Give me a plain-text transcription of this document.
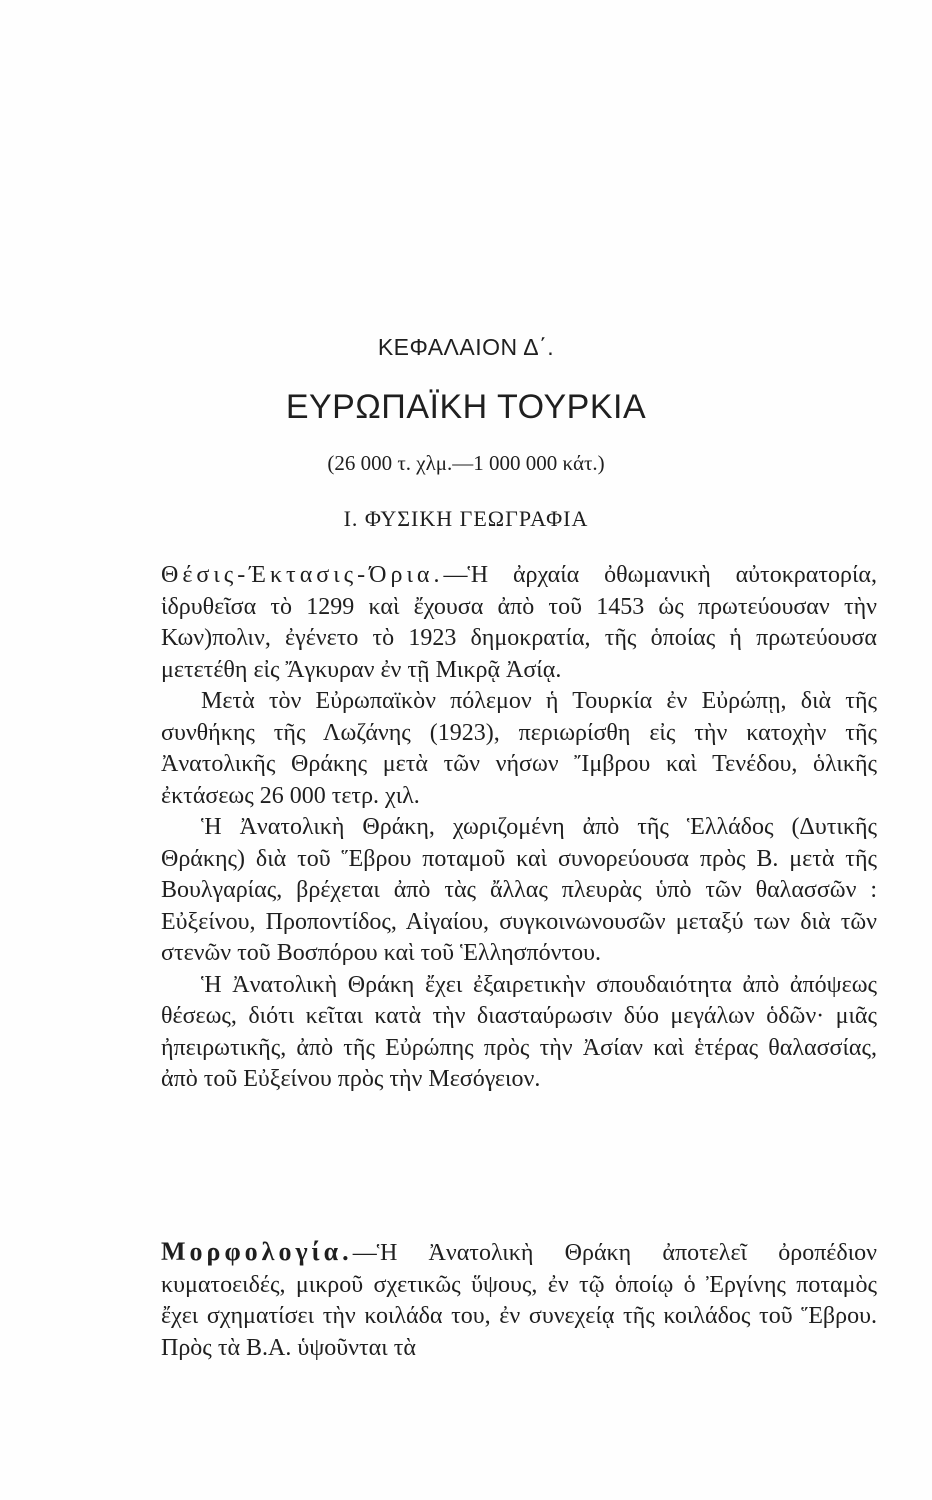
ΚΕΦΑΛΑΙΟΝ Δ΄.
ΕΥΡΩΠΑΪΚΗ ΤΟΥΡΚΙΑ
(26 000 τ. χλμ.—1 000 000 κάτ.)
Ι. ΦΥΣΙΚΗ ΓΕΩΓΡΑΦΙΑ

Θέσις-Έκτασις-Όρια.—Ἡ ἀρχαία ὀθωμανικὴ αὐτοκρατορία, ἱδρυθεῖσα τὸ 1299 καὶ ἔχουσα ἀπὸ τοῦ 1453 ὡς πρωτεύουσαν τὴν Κων)πολιν, ἐγένετο τὸ 1923 δημοκρατία, τῆς ὁποίας ἡ πρωτεύουσα μετετέθη εἰς Ἄγκυραν ἐν τῇ Μικρᾷ Ἀσίᾳ.

Μετὰ τὸν Εὐρωπαϊκὸν πόλεμον ἡ Τουρκία ἐν Εὐρώπῃ, διὰ τῆς συνθήκης τῆς Λωζάνης (1923), περιωρίσθη εἰς τὴν κατοχὴν τῆς Ἀνατολικῆς Θράκης μετὰ τῶν νήσων Ἴμβρου καὶ Τενέδου, ὁλικῆς ἐκτάσεως 26 000 τετρ. χιλ.

Ἡ Ἀνατολικὴ Θράκη, χωριζομένη ἀπὸ τῆς Ἑλλάδος (Δυτικῆς Θράκης) διὰ τοῦ Ἕβρου ποταμοῦ καὶ συνορεύουσα πρὸς Β. μετὰ τῆς Βουλγαρίας, βρέχεται ἀπὸ τὰς ἄλλας πλευρὰς ὑπὸ τῶν θαλασσῶν : Εὐξείνου, Προποντίδος, Αἰγαίου, συγκοινωνουσῶν μεταξύ των διὰ τῶν στενῶν τοῦ Βοσπόρου καὶ τοῦ Ἑλλησπόντου.

Ἡ Ἀνατολικὴ Θράκη ἔχει ἐξαιρετικὴν σπουδαιότητα ἀπὸ ἀπόψεως θέσεως, διότι κεῖται κατὰ τὴν διασταύρωσιν δύο μεγάλων ὁδῶν· μιᾶς ἠπειρωτικῆς, ἀπὸ τῆς Εὐρώπης πρὸς τὴν Ἀσίαν καὶ ἑτέρας θαλασσίας, ἀπὸ τοῦ Εὐξείνου πρὸς τὴν Μεσόγειον.

Μορφολογία.—Ἡ Ἀνατολικὴ Θράκη ἀποτελεῖ ὀροπέδιον κυματοειδές, μικροῦ σχετικῶς ὕψους, ἐν τῷ ὁποίῳ ὁ Ἐργίνης ποταμὸς ἔχει σχηματίσει τὴν κοιλάδα του, ἐν συνεχείᾳ τῆς κοιλάδος τοῦ Ἕβρου. Πρὸς τὰ Β.Α. ὑψοῦνται τὰ
